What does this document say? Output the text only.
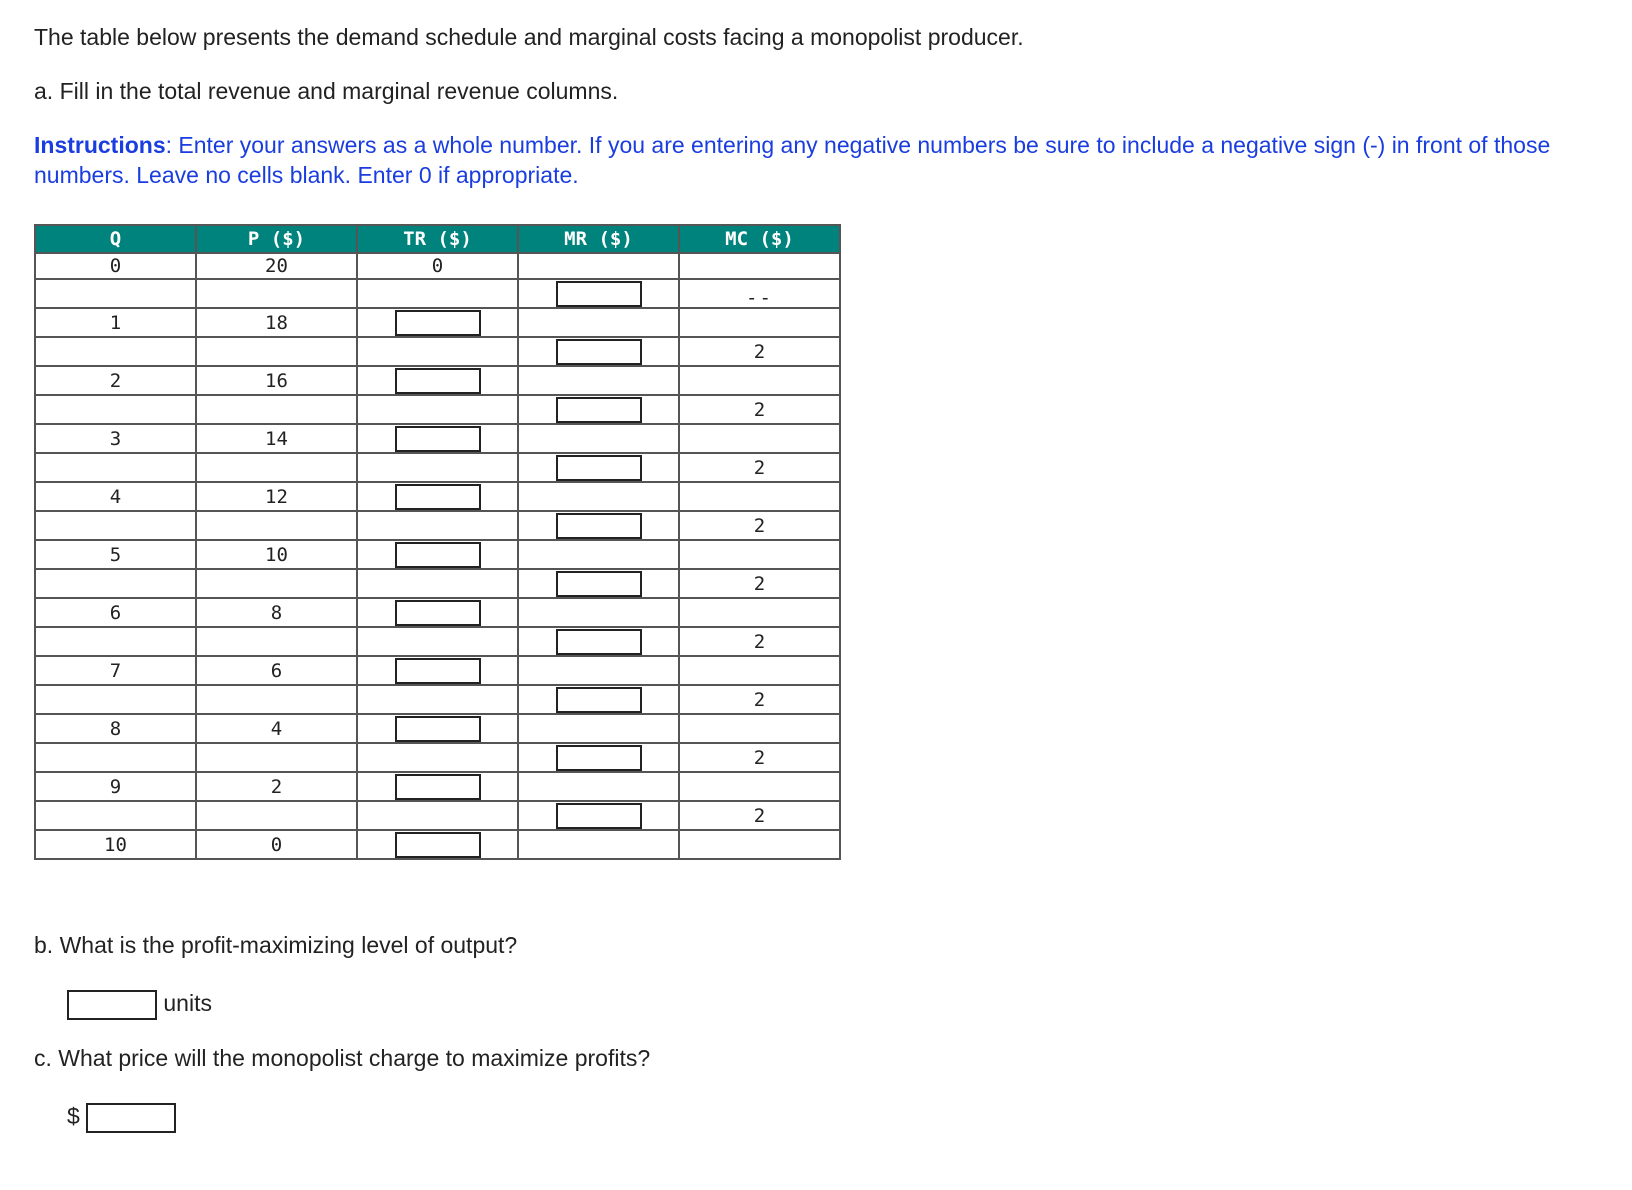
The table below presents the demand schedule and marginal costs facing a monopolist producer.

a. Fill in the total revenue and marginal revenue columns.

Instructions: Enter your answers as a whole number. If you are entering any negative numbers be sure to include a negative sign (-) in front of those numbers. Leave no cells blank. Enter 0 if appropriate.

Q	P ($)	TR ($)	MR ($)	MC ($)
0	20	0		
				--
1	18			
				2
2	16			
				2
3	14			
				2
4	12			
				2
5	10			
				2
6	8			
				2
7	6			
				2
8	4			
				2
9	2			
				2
10	0			

b. What is the profit-maximizing level of output?

units

c. What price will the monopolist charge to maximize profits?

$
